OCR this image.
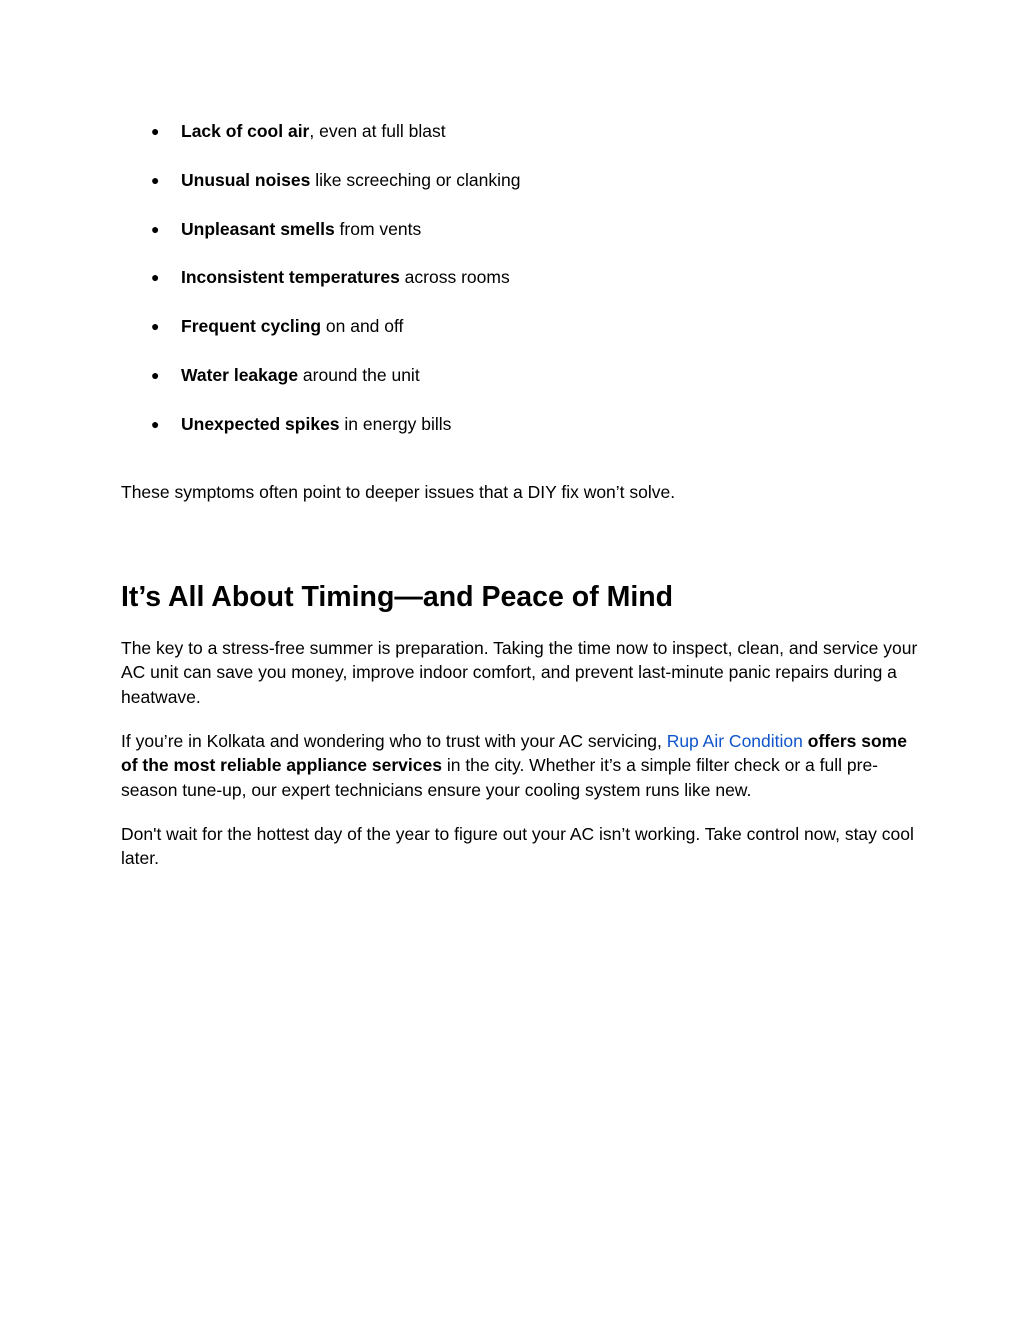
● Lack of cool air, even at full blast
● Unusual noises like screeching or clanking
● Unpleasant smells from vents
● Inconsistent temperatures across rooms
● Frequent cycling on and off
● Water leakage around the unit
● Unexpected spikes in energy bills

These symptoms often point to deeper issues that a DIY fix won’t solve.

It’s All About Timing—and Peace of Mind

The key to a stress-free summer is preparation. Taking the time now to inspect, clean, and service your AC unit can save you money, improve indoor comfort, and prevent last-minute panic repairs during a heatwave.

If you’re in Kolkata and wondering who to trust with your AC servicing, Rup Air Condition offers some of the most reliable appliance services in the city. Whether it’s a simple filter check or a full pre-season tune-up, our expert technicians ensure your cooling system runs like new.

Don't wait for the hottest day of the year to figure out your AC isn’t working. Take control now, stay cool later.
